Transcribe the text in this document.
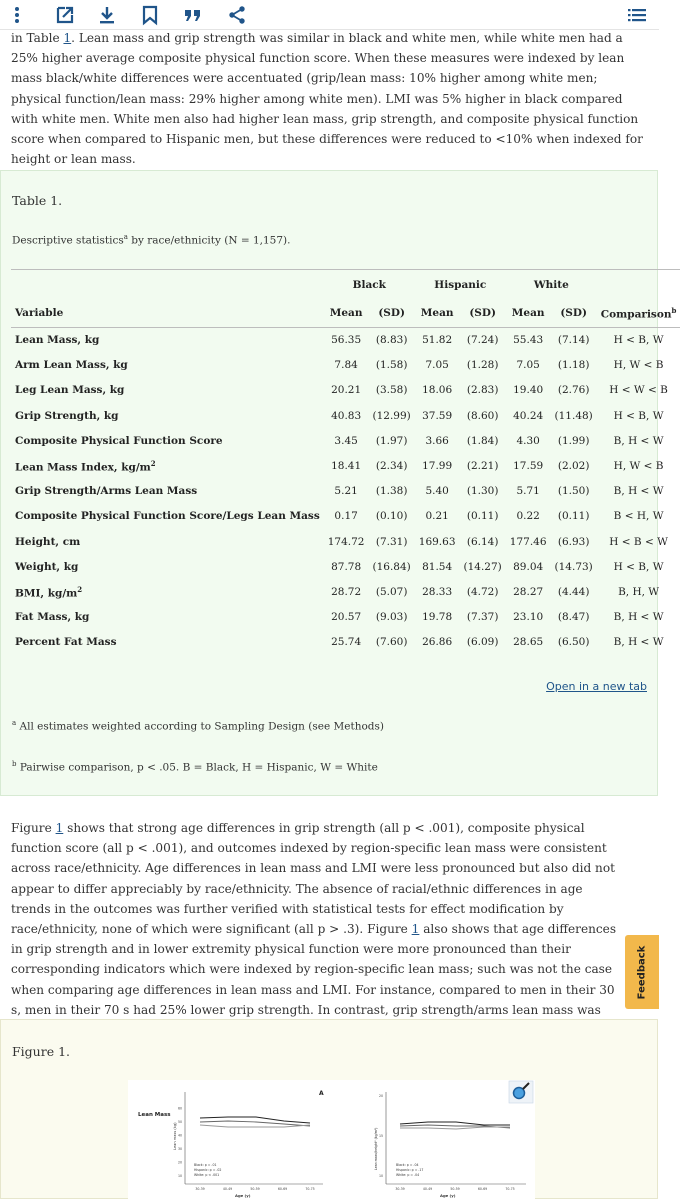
in Table 1. Lean mass and grip strength was similar in black and white men, while white men had a 25% higher average composite physical function score. When these measures were indexed by lean mass black/white differences were accentuated (grip/lean mass: 10% higher among white men; physical function/lean mass: 29% higher among white men). LMI was 5% higher in black compared with white men. White men also had higher lean mass, grip strength, and composite physical function score when compared to Hispanic men, but these differences were reduced to <10% when indexed for height or lean mass.

Table 1.
Descriptive statistics$^a$ by race/ethnicity (N = 1,157).
	Black		Hispanic		White		
Variable	Mean	(SD)	Mean	(SD)	Mean	(SD)	Comparison$^b$
Lean Mass, kg	56.35	(8.83)	51.82	(7.24)	55.43	(7.14)	H < B, W
Arm Lean Mass, kg	7.84	(1.58)	7.05	(1.28)	7.05	(1.18)	H, W < B
Leg Lean Mass, kg	20.21	(3.58)	18.06	(2.83)	19.40	(2.76)	H < W < B
Grip Strength, kg	40.83	(12.99)	37.59	(8.60)	40.24	(11.48)	H < B, W
Composite Physical Function Score	3.45	(1.97)	3.66	(1.84)	4.30	(1.99)	B, H < W
Lean Mass Index, $kg/m^2$	18.41	(2.34)	17.99	(2.21)	17.59	(2.02)	H, W < B
Grip Strength/Arms Lean Mass	5.21	(1.38)	5.40	(1.30)	5.71	(1.50)	B, H < W
Composite Physical Function Score/Legs Lean Mass	0.17	(0.10)	0.21	(0.11)	0.22	(0.11)	B < H, W
Height, cm	174.72	(7.31)	169.63	(6.14)	177.46	(6.93)	H < B < W
Weight, kg	87.78	(16.84)	81.54	(14.27)	89.04	(14.73)	H < B, W
BMI, $kg/m^2$	28.72	(5.07)	28.33	(4.72)	28.27	(4.44)	B, H, W
Fat Mass, kg	20.57	(9.03)	19.78	(7.37)	23.10	(8.47)	B, H < W
Percent Fat Mass	25.74	(7.60)	26.86	(6.09)	28.65	(6.50)	B, H < W
Open in a new tab
$^a$ All estimates weighted according to Sampling Design (see Methods)
$^b$ Pairwise comparison, p < .05. B = Black, H = Hispanic, W = White

Figure 1 shows that strong age differences in grip strength (all p < .001), composite physical function score (all p < .001), and outcomes indexed by region-specific lean mass were consistent across race/ethnicity. Age differences in lean mass and LMI were less pronounced but also did not appear to differ appreciably by race/ethnicity. The absence of racial/ethnic differences in age trends in the outcomes was further verified with statistical tests for effect modification by race/ethnicity, none of which were significant (all p > .3). Figure 1 also shows that age differences in grip strength and in lower extremity physical function were more pronounced than their corresponding indicators which were indexed by region-specific lean mass; such was not the case when comparing age differences in lean mass and LMI. For instance, compared to men in their 30 s, men in their 70 s had 25% lower grip strength. In contrast, grip strength/arms lean mass was

Figure 1.
Lean Mass
A
Lean mass (kg)
Age (y)
10
20
30
40
50
60
30-39	40-49	50-59	60-69	70-75
Black: p = .01
Hispanic: p = .02
White: p < .001
Lean mass/height² (kg/m²)
Age (y)
10
15
20
30-39	40-49	50-59	60-69	70-75
Black: p = .04
Hispanic: p = .17
White: p = .04
Feedback
